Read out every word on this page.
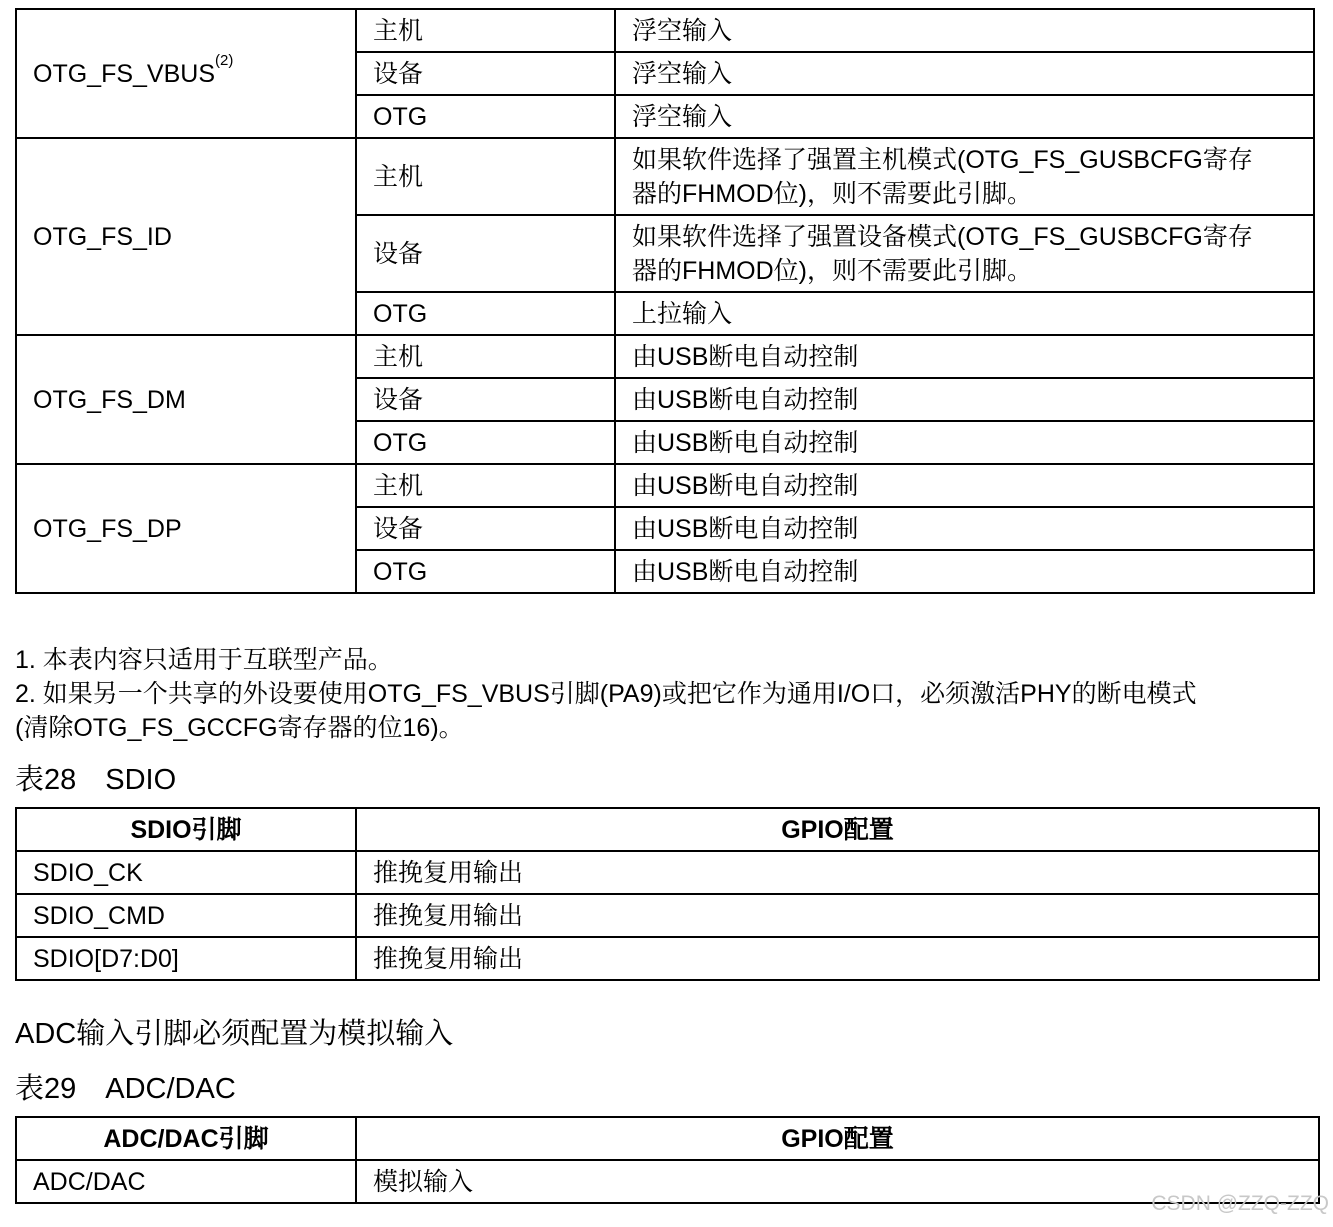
OTG_FS_VBUS$^{(2)}$	主机	浮空输入
	设备	浮空输入
	OTG	浮空输入
OTG_FS_ID	主机	如果软件选择了强置主机模式(OTG_FS_GUSBCFG寄存
器的FHMOD位)，则不需要此引脚。
	设备	如果软件选择了强置设备模式(OTG_FS_GUSBCFG寄存
器的FHMOD位)，则不需要此引脚。
	OTG	上拉输入
OTG_FS_DM	主机	由USB断电自动控制
	设备	由USB断电自动控制
	OTG	由USB断电自动控制
OTG_FS_DP	主机	由USB断电自动控制
	设备	由USB断电自动控制
	OTG	由USB断电自动控制
1. 本表内容只适用于互联型产品。
2. 如果另一个共享的外设要使用OTG_FS_VBUS引脚(PA9)或把它作为通用I/O口，必须激活PHY的断电模式
(清除OTG_FS_GCCFG寄存器的位16)。
表28　SDIO
SDIO引脚	GPIO配置
SDIO_CK	推挽复用输出
SDIO_CMD	推挽复用输出
SDIO[D7:D0]	推挽复用输出
ADC输入引脚必须配置为模拟输入
表29　ADC/DAC
ADC/DAC引脚	GPIO配置
ADC/DAC	模拟输入
CSDN @ZZQ-ZZQ
